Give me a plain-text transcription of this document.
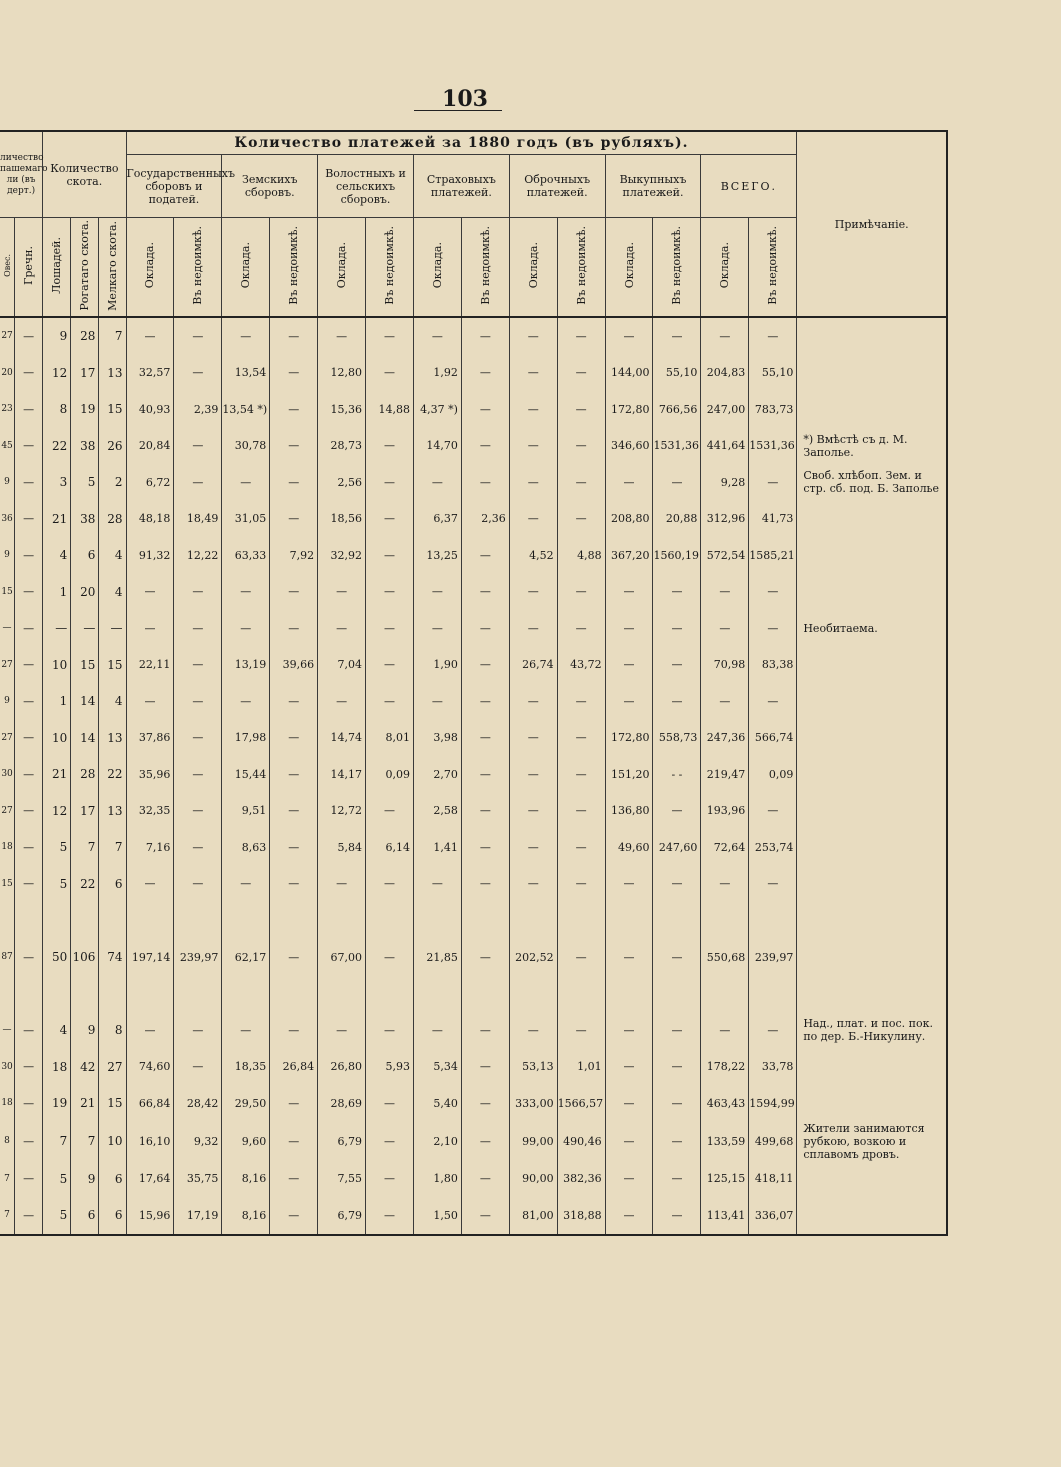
103
личество
пашемаго
ли (въ
дерт.)		Количество скота.			Количество платежей за 1880 годъ (въ рубляхъ).														Примѣчаніе.
					Государственныхъ сборовъ и податей.		Земскихъ сборовъ.		Волостныхъ и сельскихъ сборовъ.		Страховыхъ платежей.		Оброчныхъ платежей.		Выкупныхъ платежей.		ВСЕГО.		
Овес.	Гречн.	Лошадей.	Рогатаго скота.	Мелкаго скота.	Оклада.	Въ недоимкѣ.	Оклада.	Въ недоимкѣ.	Оклада.	Въ недоимкѣ.	Оклада.	Въ недоимкѣ.	Оклада.	Въ недоимкѣ.	Оклада.	Въ недоимкѣ.	Оклада.	Въ недоимкѣ.	
27	—	9	28	7	—	—	—	—	—	—	—	—	—	—	—	—	—	—	
20	—	12	17	13	32,57	—	13,54	—	12,80	—	1,92	—	—	—	144,00	55,10	204,83	55,10	
23	—	8	19	15	40,93	2,39	13,54 *)	—	15,36	14,88	4,37 *)	—	—	—	172,80	766,56	247,00	783,73	
45	—	22	38	26	20,84	—	30,78	—	28,73	—	14,70	—	—	—	346,60	1531,36	441,64	1531,36	*) Вмѣстѣ съ д. М. Заполье.
9	—	3	5	2	6,72	—	—	—	2,56	—	—	—	—	—	—	—	9,28	—	Своб. хлѣбоп. Зем. и стр. сб. под. Б. Заполье
36	—	21	38	28	48,18	18,49	31,05	—	18,56	—	6,37	2,36	—	—	208,80	20,88	312,96	41,73	
9	—	4	6	4	91,32	12,22	63,33	7,92	32,92	—	13,25	—	4,52	4,88	367,20	1560,19	572,54	1585,21	
15	—	1	20	4	—	—	—	—	—	—	—	—	—	—	—	—	—	—	
—	—	—	—	—	—	—	—	—	—	—	—	—	—	—	—	—	—	—	Необитаема.
27	—	10	15	15	22,11	—	13,19	39,66	7,04	—	1,90	—	26,74	43,72	—	—	70,98	83,38	
9	—	1	14	4	—	—	—	—	—	—	—	—	—	—	—	—	—	—	
27	—	10	14	13	37,86	—	17,98	—	14,74	8,01	3,98	—	—	—	172,80	558,73	247,36	566,74	
30	—	21	28	22	35,96	—	15,44	—	14,17	0,09	2,70	—	—	—	151,20	- -	219,47	0,09	
27	—	12	17	13	32,35	—	9,51	—	12,72	—	2,58	—	—	—	136,80	—	193,96	—	
18	—	5	7	7	7,16	—	8,63	—	5,84	6,14	1,41	—	—	—	49,60	247,60	72,64	253,74	
15	—	5	22	6	—	—	—	—	—	—	—	—	—	—	—	—	—	—	
87	—	50	106	74	197,14	239,97	62,17	—	67,00	—	21,85	—	202,52	—	—	—	550,68	239,97	
—	—	4	9	8	—	—	—	—	—	—	—	—	—	—	—	—	—	—	Над., плат. и пос. пок. по дер. Б.-Никулину.
30	—	18	42	27	74,60	—	18,35	26,84	26,80	5,93	5,34	—	53,13	1,01	—	—	178,22	33,78	
18	—	19	21	15	66,84	28,42	29,50	—	28,69	—	5,40	—	333,00	1566,57	—	—	463,43	1594,99	
8	—	7	7	10	16,10	9,32	9,60	—	6,79	—	2,10	—	99,00	490,46	—	—	133,59	499,68	Жители занимаются рубкою, возкою и сплавомъ дровъ.
7	—	5	9	6	17,64	35,75	8,16	—	7,55	—	1,80	—	90,00	382,36	—	—	125,15	418,11	
7	—	5	6	6	15,96	17,19	8,16	—	6,79	—	1,50	—	81,00	318,88	—	—	113,41	336,07	
